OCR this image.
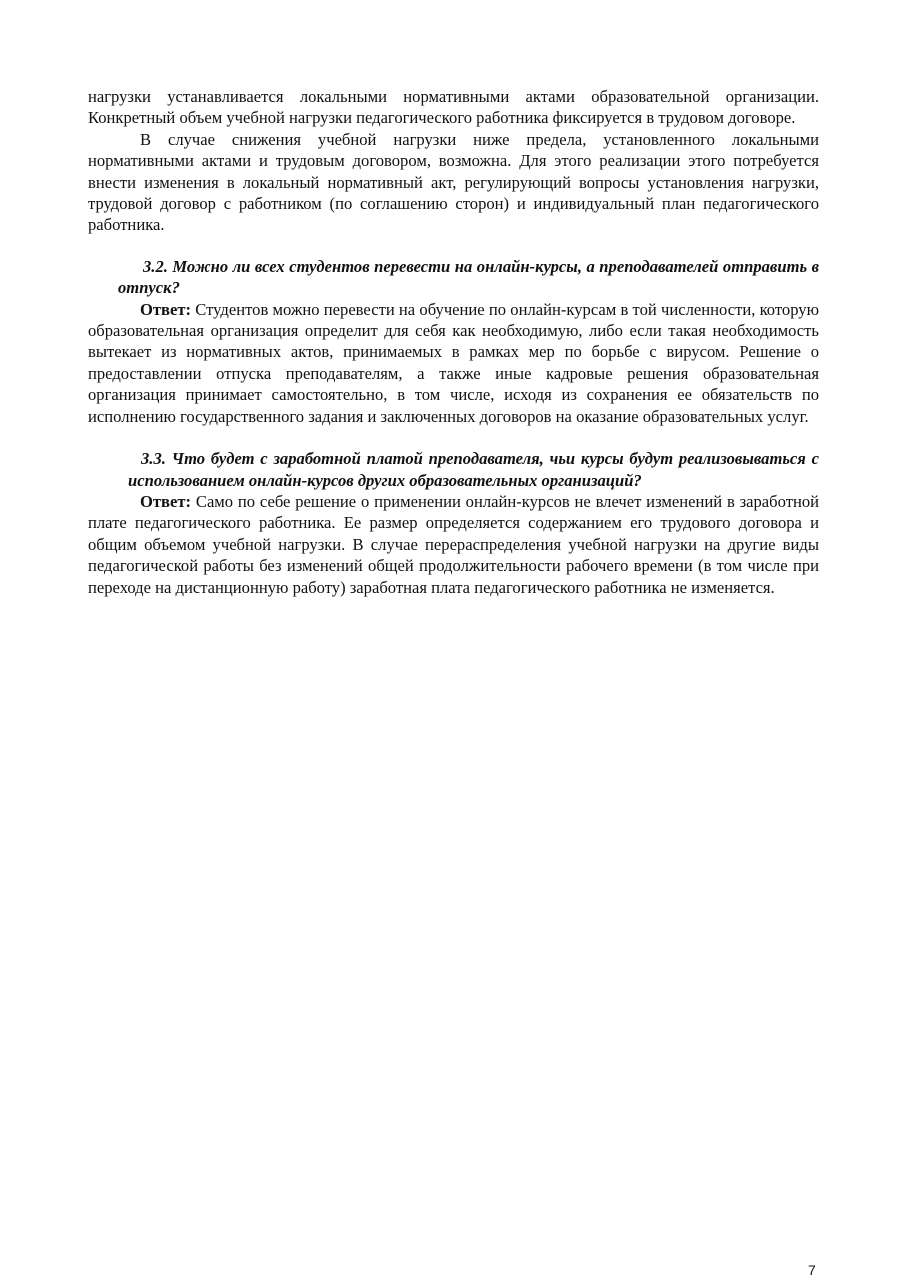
нагрузки устанавливается локальными нормативными актами образовательной организации. Конкретный объем учебной нагрузки педагогического работника фиксируется в трудовом договоре.

В случае снижения учебной нагрузки ниже предела, установленного локальными нормативными актами и трудовым договором, возможна. Для этого реализации этого потребуется внести изменения в локальный нормативный акт, регулирующий вопросы установления нагрузки, трудовой договор с работником (по соглашению сторон) и индивидуальный план педагогического работника.

3.2. Можно ли всех студентов перевести на онлайн-курсы, а преподавателей отправить в отпуск?

Ответ: Студентов можно перевести на обучение по онлайн-курсам в той численности, которую образовательная организация определит для себя как необходимую, либо если такая необходимость вытекает из нормативных актов, принимаемых в рамках мер по борьбе с вирусом. Решение о предоставлении отпуска преподавателям, а также иные кадровые решения образовательная организация принимает самостоятельно, в том числе, исходя из сохранения ее обязательств по исполнению государственного задания и заключенных договоров на оказание образовательных услуг.

3.3. Что будет с заработной платой преподавателя, чьи курсы будут реализовываться с использованием онлайн-курсов других образовательных организаций?

Ответ: Само по себе решение о применении онлайн-курсов не влечет изменений в заработной плате педагогического работника. Ее размер определяется содержанием его трудового договора и общим объемом учебной нагрузки. В случае перераспределения учебной нагрузки на другие виды педагогической работы без изменений общей продолжительности рабочего времени (в том числе при переходе на дистанционную работу) заработная плата педагогического работника не изменяется.

7
